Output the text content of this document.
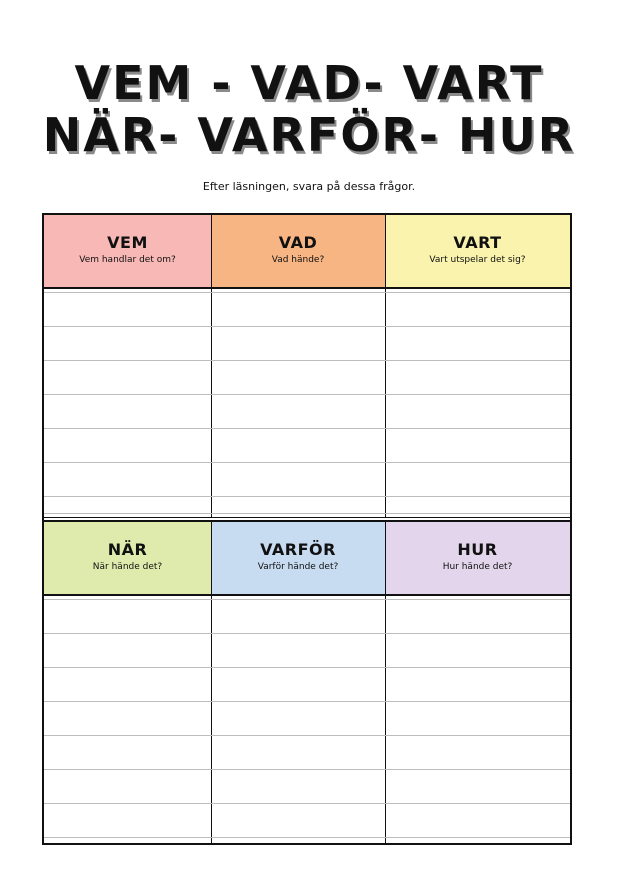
VEM - VAD- VART
NÄR- VARFÖR- HUR
Efter läsningen, svara på dessa frågor.
VEM
Vem handlar det om?
VAD
Vad hände?
VART
Vart utspelar det sig?
NÄR
När hände det?
VARFÖR
Varför hände det?
HUR
Hur hände det?
